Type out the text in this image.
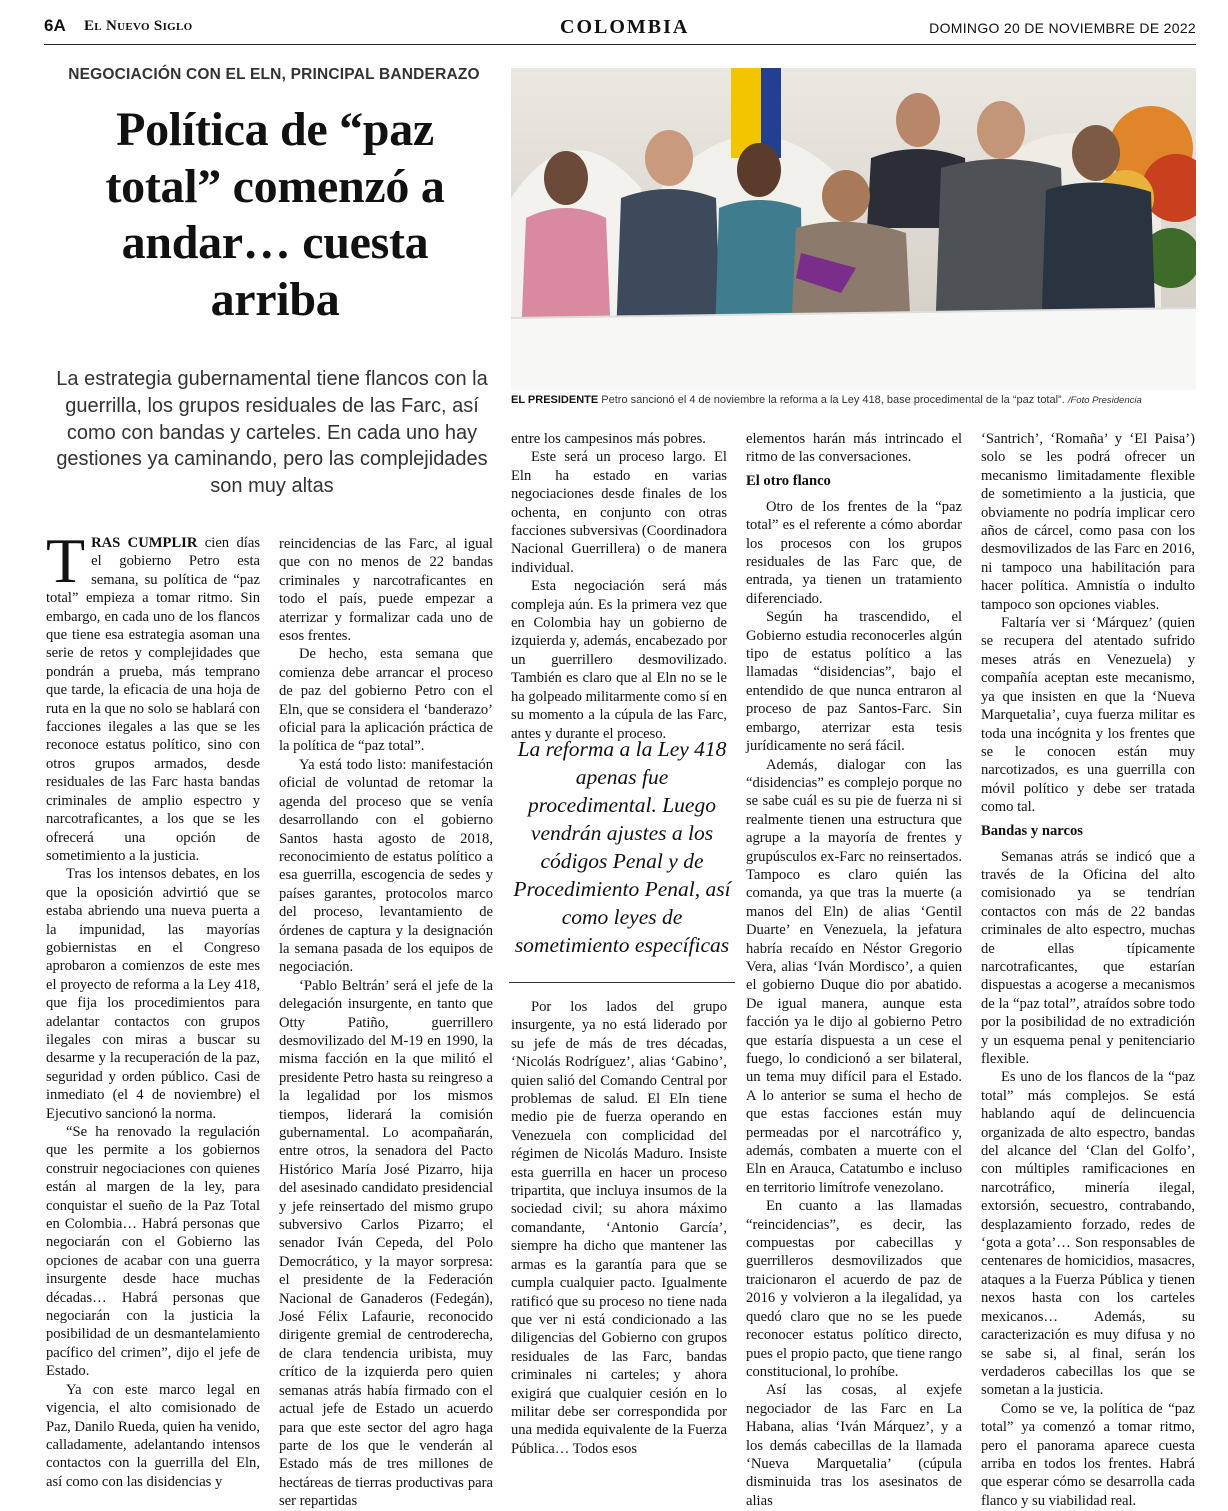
6A El Nuevo Siglo	COLOMBIA	DOMINGO 20 DE NOVIEMBRE DE 2022
NEGOCIACIÓN CON EL ELN, PRINCIPAL BANDERAZO
Política de “paz total” comenzó a andar… cuesta arriba

La estrategia gubernamental tiene flancos con la guerrilla, los grupos residuales de las Farc, así como con bandas y carteles. En cada uno hay gestiones ya caminando, pero las complejidades son muy altas

EL PRESIDENTE Petro sancionó el 4 de noviembre la reforma a la Ley 418, base procedimental de la “paz total”. /Foto Presidencia

TRAS CUMPLIR cien días el gobierno Petro esta semana, su política de “paz total” empieza a tomar ritmo. Sin embargo, en cada uno de los flancos que tiene esa estrategia asoman una serie de retos y complejidades que pondrán a prueba, más temprano que tarde, la eficacia de una hoja de ruta en la que no solo se hablará con facciones ilegales a las que se les reconoce estatus político, sino con otros grupos armados, desde residuales de las Farc hasta bandas criminales de amplio espectro y narcotraficantes, a los que se les ofrecerá una opción de sometimiento a la justicia.

Tras los intensos debates, en los que la oposición advirtió que se estaba abriendo una nueva puerta a la impunidad, las mayorías gobiernistas en el Congreso aprobaron a comienzos de este mes el proyecto de reforma a la Ley 418, que fija los procedimientos para adelantar contactos con grupos ilegales con miras a buscar su desarme y la recuperación de la paz, seguridad y orden público. Casi de inmediato (el 4 de noviembre) el Ejecutivo sancionó la norma.

“Se ha renovado la regulación que les permite a los gobiernos construir negociaciones con quienes están al margen de la ley, para conquistar el sueño de la Paz Total en Colombia… Habrá personas que negociarán con el Gobierno las opciones de acabar con una guerra insurgente desde hace muchas décadas… Habrá personas que negociarán con la justicia la posibilidad de un desmantelamiento pacífico del crimen”, dijo el jefe de Estado.

Ya con este marco legal en vigencia, el alto comisionado de Paz, Danilo Rueda, quien ha venido, calladamente, adelantando intensos contactos con la guerrilla del Eln, así como con las disidencias y

reincidencias de las Farc, al igual que con no menos de 22 bandas criminales y narcotraficantes en todo el país, puede empezar a aterrizar y formalizar cada uno de esos frentes.

De hecho, esta semana que comienza debe arrancar el proceso de paz del gobierno Petro con el Eln, que se considera el ‘banderazo’ oficial para la aplicación práctica de la política de “paz total”.

Ya está todo listo: manifestación oficial de voluntad de retomar la agenda del proceso que se venía desarrollando con el gobierno Santos hasta agosto de 2018, reconocimiento de estatus político a esa guerrilla, escogencia de sedes y países garantes, protocolos marco del proceso, levantamiento de órdenes de captura y la designación la semana pasada de los equipos de negociación.

‘Pablo Beltrán’ será el jefe de la delegación insurgente, en tanto que Otty Patiño, guerrillero desmovilizado del M-19 en 1990, la misma facción en la que militó el presidente Petro hasta su reingreso a la legalidad por los mismos tiempos, liderará la comisión gubernamental. Lo acompañarán, entre otros, la senadora del Pacto Histórico María José Pizarro, hija del asesinado candidato presidencial y jefe reinsertado del mismo grupo subversivo Carlos Pizarro; el senador Iván Cepeda, del Polo Democrático, y la mayor sorpresa: el presidente de la Federación Nacional de Ganaderos (Fedegán), José Félix Lafaurie, reconocido dirigente gremial de centroderecha, de clara tendencia uribista, muy crítico de la izquierda pero quien semanas atrás había firmado con el actual jefe de Estado un acuerdo para que este sector del agro haga parte de los que le venderán al Estado más de tres millones de hectáreas de tierras productivas para ser repartidas

entre los campesinos más pobres.

Este será un proceso largo. El Eln ha estado en varias negociaciones desde finales de los ochenta, en conjunto con otras facciones subversivas (Coordinadora Nacional Guerrillera) o de manera individual.

Esta negociación será más compleja aún. Es la primera vez que en Colombia hay un gobierno de izquierda y, además, encabezado por un guerrillero desmovilizado. También es claro que al Eln no se le ha golpeado militarmente como sí en su momento a la cúpula de las Farc, antes y durante el proceso.

La reforma a la Ley 418 apenas fue procedimental. Luego vendrán ajustes a los códigos Penal y de Procedimiento Penal, así como leyes de sometimiento específicas

Por los lados del grupo insurgente, ya no está liderado por su jefe de más de tres décadas, ‘Nicolás Rodríguez’, alias ‘Gabino’, quien salió del Comando Central por problemas de salud. El Eln tiene medio pie de fuerza operando en Venezuela con complicidad del régimen de Nicolás Maduro. Insiste esta guerrilla en hacer un proceso tripartita, que incluya insumos de la sociedad civil; su ahora máximo comandante, ‘Antonio García’, siempre ha dicho que mantener las armas es la garantía para que se cumpla cualquier pacto. Igualmente ratificó que su proceso no tiene nada que ver ni está condicionado a las diligencias del Gobierno con grupos residuales de las Farc, bandas criminales ni carteles; y ahora exigirá que cualquier cesión en lo militar debe ser correspondida por una medida equivalente de la Fuerza Pública… Todos esos

elementos harán más intrincado el ritmo de las conversaciones.

El otro flanco

Otro de los frentes de la “paz total” es el referente a cómo abordar los procesos con los grupos residuales de las Farc que, de entrada, ya tienen un tratamiento diferenciado.

Según ha trascendido, el Gobierno estudia reconocerles algún tipo de estatus político a las llamadas “disidencias”, bajo el entendido de que nunca entraron al proceso de paz Santos-Farc. Sin embargo, aterrizar esta tesis jurídicamente no será fácil.

Además, dialogar con las “disidencias” es complejo porque no se sabe cuál es su pie de fuerza ni si realmente tienen una estructura que agrupe a la mayoría de frentes y grupúsculos ex-Farc no reinsertados. Tampoco es claro quién las comanda, ya que tras la muerte (a manos del Eln) de alias ‘Gentil Duarte’ en Venezuela, la jefatura habría recaído en Néstor Gregorio Vera, alias ‘Iván Mordisco’, a quien el gobierno Duque dio por abatido. De igual manera, aunque esta facción ya le dijo al gobierno Petro que estaría dispuesta a un cese el fuego, lo condicionó a ser bilateral, un tema muy difícil para el Estado. A lo anterior se suma el hecho de que estas facciones están muy permeadas por el narcotráfico y, además, combaten a muerte con el Eln en Arauca, Catatumbo e incluso en territorio limítrofe venezolano.

En cuanto a las llamadas “reincidencias”, es decir, las compuestas por cabecillas y guerrilleros desmovilizados que traicionaron el acuerdo de paz de 2016 y volvieron a la ilegalidad, ya quedó claro que no se les puede reconocer estatus político directo, pues el propio pacto, que tiene rango constitucional, lo prohíbe.

Así las cosas, al exjefe negociador de las Farc en La Habana, alias ‘Iván Márquez’, y a los demás cabecillas de la llamada ‘Nueva Marquetalia’ (cúpula disminuida tras los asesinatos de alias

‘Santrich’, ‘Romaña’ y ‘El Paisa’) solo se les podrá ofrecer un mecanismo limitadamente flexible de sometimiento a la justicia, que obviamente no podría implicar cero años de cárcel, como pasa con los desmovilizados de las Farc en 2016, ni tampoco una habilitación para hacer política. Amnistía o indulto tampoco son opciones viables.

Faltaría ver si ‘Márquez’ (quien se recupera del atentado sufrido meses atrás en Venezuela) y compañía aceptan este mecanismo, ya que insisten en que la ‘Nueva Marquetalia’, cuya fuerza militar es toda una incógnita y los frentes que se le conocen están muy narcotizados, es una guerrilla con móvil político y debe ser tratada como tal.

Bandas y narcos

Semanas atrás se indicó que a través de la Oficina del alto comisionado ya se tendrían contactos con más de 22 bandas criminales de alto espectro, muchas de ellas típicamente narcotraficantes, que estarían dispuestas a acogerse a mecanismos de la “paz total”, atraídos sobre todo por la posibilidad de no extradición y un esquema penal y penitenciario flexible.

Es uno de los flancos de la “paz total” más complejos. Se está hablando aquí de delincuencia organizada de alto espectro, bandas del alcance del ‘Clan del Golfo’, con múltiples ramificaciones en narcotráfico, minería ilegal, extorsión, secuestro, contrabando, desplazamiento forzado, redes de ‘gota a gota’… Son responsables de centenares de homicidios, masacres, ataques a la Fuerza Pública y tienen nexos hasta con los carteles mexicanos… Además, su caracterización es muy difusa y no se sabe si, al final, serán los verdaderos cabecillas los que se sometan a la justicia.

Como se ve, la política de “paz total” ya comenzó a tomar ritmo, pero el panorama aparece cuesta arriba en todos los frentes. Habrá que esperar cómo se desarrolla cada flanco y su viabilidad real.
